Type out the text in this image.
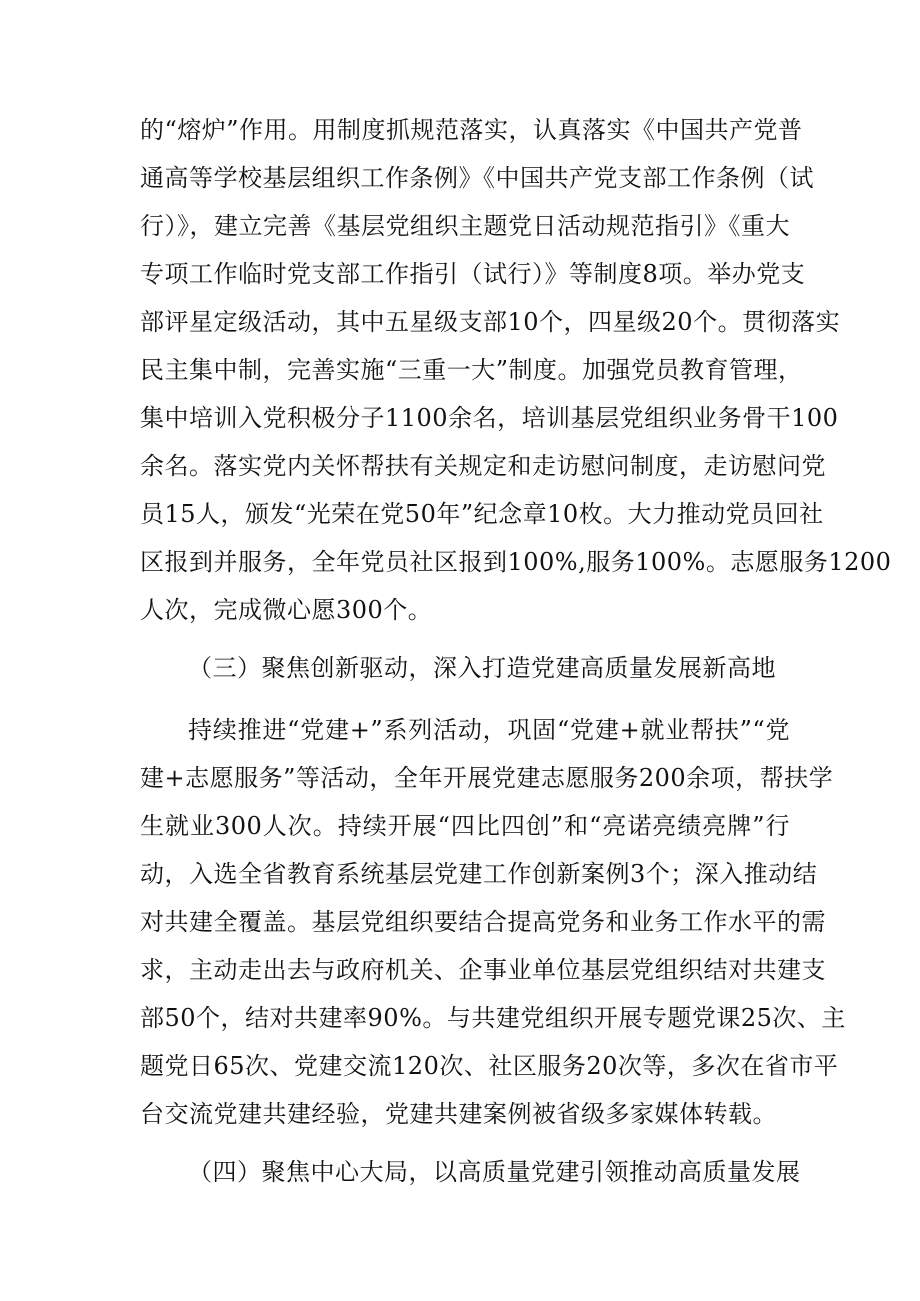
的“熔炉”作用。用制度抓规范落实，认真落实《中国共产党普
通高等学校基层组织工作条例》《中国共产党支部工作条例（试
行）》，建立完善《基层党组织主题党日活动规范指引》《重大
专项工作临时党支部工作指引（试行）》等制度8项。举办党支
部评星定级活动，其中五星级支部10个，四星级20个。贯彻落实
民主集中制，完善实施“三重一大”制度。加强党员教育管理，
集中培训入党积极分子1100余名，培训基层党组织业务骨干100
余名。落实党内关怀帮扶有关规定和走访慰问制度，走访慰问党
员15人，颁发“光荣在党50年”纪念章10枚。大力推动党员回社
区报到并服务，全年党员社区报到100%,服务100%。志愿服务1200
人次，完成微心愿300个。
（三）聚焦创新驱动，深入打造党建高质量发展新高地
持续推进“党建+”系列活动，巩固“党建+就业帮扶”“党
建+志愿服务”等活动，全年开展党建志愿服务200余项，帮扶学
生就业300人次。持续开展“四比四创”和“亮诺亮绩亮牌”行
动，入选全省教育系统基层党建工作创新案例3个；深入推动结
对共建全覆盖。基层党组织要结合提高党务和业务工作水平的需
求，主动走出去与政府机关、企事业单位基层党组织结对共建支
部50个，结对共建率90%。与共建党组织开展专题党课25次、主
题党日65次、党建交流120次、社区服务20次等，多次在省市平
台交流党建共建经验，党建共建案例被省级多家媒体转载。
（四）聚焦中心大局，以高质量党建引领推动高质量发展
